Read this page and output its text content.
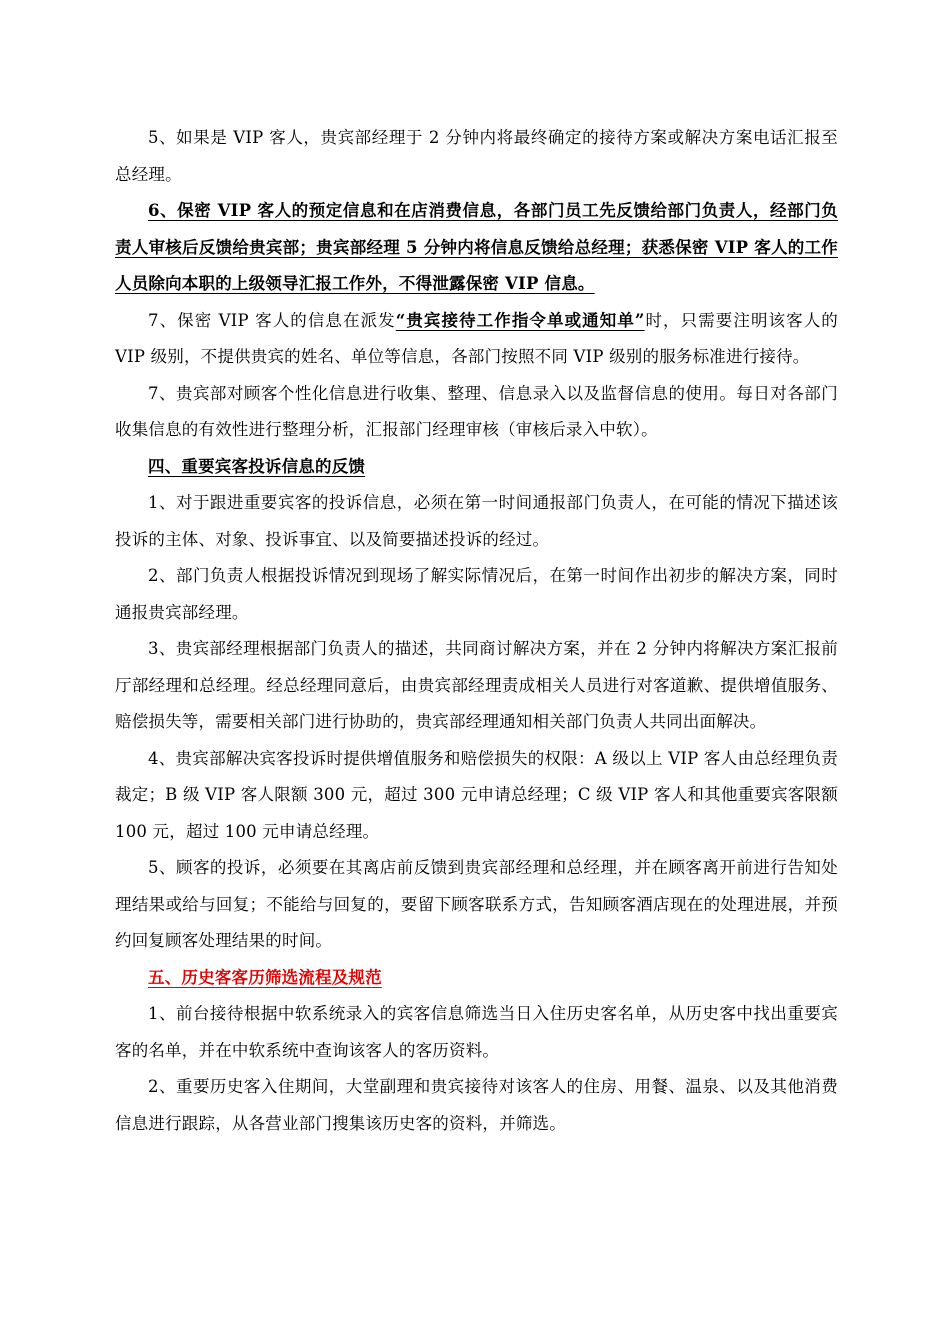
5、如果是 VIP 客人，贵宾部经理于 2 分钟内将最终确定的接待方案或解决方案电话汇报至总经理。

6、保密 VIP 客人的预定信息和在店消费信息，各部门员工先反馈给部门负责人，经部门负责人审核后反馈给贵宾部；贵宾部经理 5 分钟内将信息反馈给总经理；获悉保密 VIP 客人的工作人员除向本职的上级领导汇报工作外，不得泄露保密 VIP 信息。

7、保密 VIP 客人的信息在派发“贵宾接待工作指令单或通知单”时，只需要注明该客人的 VIP 级别，不提供贵宾的姓名、单位等信息，各部门按照不同 VIP 级别的服务标准进行接待。

7、贵宾部对顾客个性化信息进行收集、整理、信息录入以及监督信息的使用。每日对各部门收集信息的有效性进行整理分析，汇报部门经理审核（审核后录入中软）。

四、重要宾客投诉信息的反馈

1、对于跟进重要宾客的投诉信息，必须在第一时间通报部门负责人，在可能的情况下描述该投诉的主体、对象、投诉事宜、以及简要描述投诉的经过。

2、部门负责人根据投诉情况到现场了解实际情况后，在第一时间作出初步的解决方案，同时通报贵宾部经理。

3、贵宾部经理根据部门负责人的描述，共同商讨解决方案，并在 2 分钟内将解决方案汇报前厅部经理和总经理。经总经理同意后，由贵宾部经理责成相关人员进行对客道歉、提供增值服务、赔偿损失等，需要相关部门进行协助的，贵宾部经理通知相关部门负责人共同出面解决。

4、贵宾部解决宾客投诉时提供增值服务和赔偿损失的权限：A 级以上 VIP 客人由总经理负责裁定；B 级 VIP 客人限额 300 元，超过 300 元申请总经理；C 级 VIP 客人和其他重要宾客限额 100 元，超过 100 元申请总经理。

5、顾客的投诉，必须要在其离店前反馈到贵宾部经理和总经理，并在顾客离开前进行告知处理结果或给与回复；不能给与回复的，要留下顾客联系方式，告知顾客酒店现在的处理进展，并预约回复顾客处理结果的时间。

五、历史客客历筛选流程及规范

1、前台接待根据中软系统录入的宾客信息筛选当日入住历史客名单，从历史客中找出重要宾客的名单，并在中软系统中查询该客人的客历资料。

2、重要历史客入住期间，大堂副理和贵宾接待对该客人的住房、用餐、温泉、以及其他消费信息进行跟踪，从各营业部门搜集该历史客的资料，并筛选。
